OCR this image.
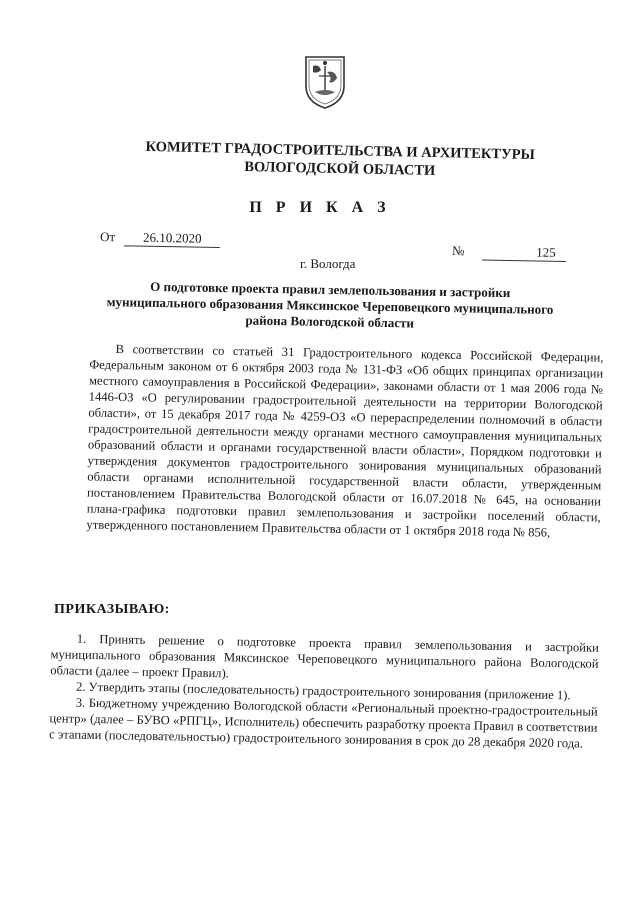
КОМИТЕТ ГРАДОСТРОИТЕЛЬСТВА И АРХИТЕКТУРЫ
ВОЛОГОДСКОЙ ОБЛАСТИ
П Р И К А З
От 26.10.2020
№	125
г. Вологда
О подготовке проекта правил землепользования и застройки
муниципального образования Мяксинское Череповецкого муниципального
района Вологодской области

В соответствии со статьей 31 Градостроительного кодекса Российской Федерации, Федеральным законом от 6 октября 2003 года № 131-ФЗ «Об общих принципах организации местного самоуправления в Российской Федерации», законами области от 1 мая 2006 года № 1446-ОЗ «О регулировании градостроительной деятельности на территории Вологодской области», от 15 декабря 2017 года № 4259-ОЗ «О перераспределении полномочий в области градостроительной деятельности между органами местного самоуправления муниципальных образований области и органами государственной власти области», Порядком подготовки и утверждения документов градостроительного зонирования муниципальных образований области органами исполнительной государственной власти области, утвержденным постановлением Правительства Вологодской области от 16.07.2018 № 645, на основании плана-графика подготовки правил землепользования и застройки поселений области, утвержденного постановлением Правительства области от 1 октября 2018 года № 856,

ПРИКАЗЫВАЮ:

1. Принять решение о подготовке проекта правил землепользования и застройки муниципального образования Мяксинское Череповецкого муниципального района Вологодской области (далее – проект Правил).

2. Утвердить этапы (последовательность) градостроительного зонирования (приложение 1).

3. Бюджетному учреждению Вологодской области «Региональный проектно-градостроительный центр» (далее – БУВО «РПГЦ», Исполнитель) обеспечить разработку проекта Правил в соответствии с этапами (последовательностью) градостроительного зонирования в срок до 28 декабря 2020 года.
